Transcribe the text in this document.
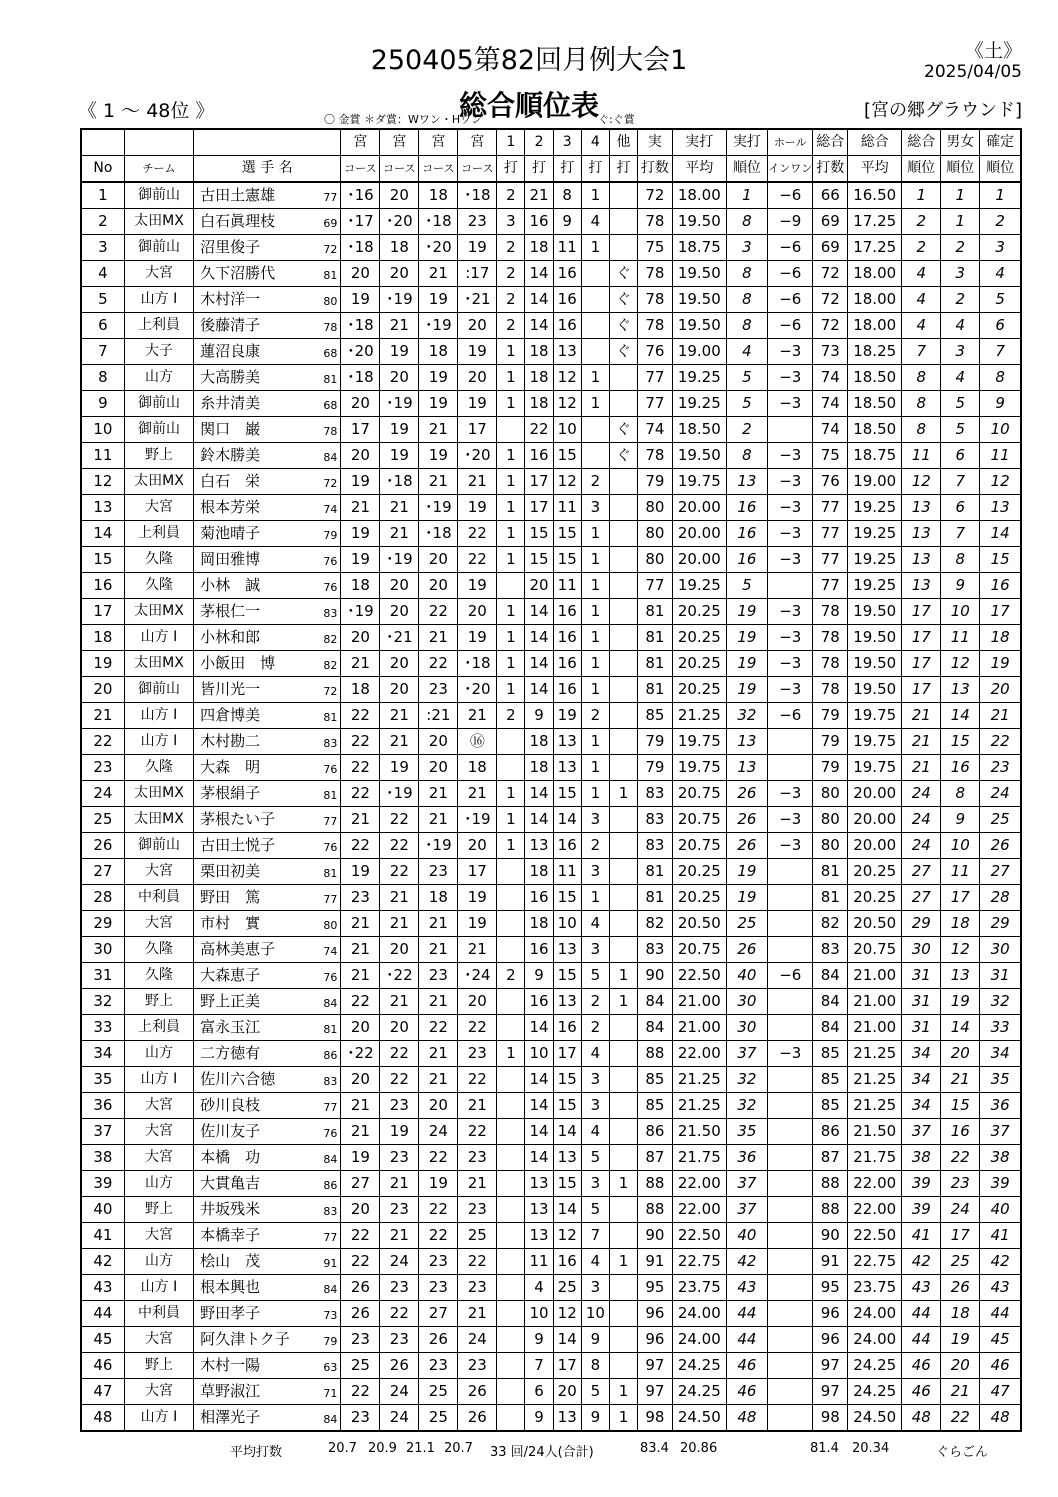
250405第82回月例大会1	《土》
2025/04/05
《 1 ～ 48位 》	総合順位表	[宮の郷グラウンド]
〇 金賞 ＊ダ賞：Wワン・Hワン	ぐ:ぐ賞
			宮	宮	宮	宮	1	2	3	4	他	実	実打	実打	ホール	総合	総合	総合	男女	確定
No	チーム	選 手 名	コース	コース	コース	コース	打	打	打	打	打	打数	平均	順位	インワン	打数	平均	順位	順位	順位
1	御前山	古田土憲雄 77	･16	20	18	･18	2	21	8	1		72	18.00	1	−6	66	16.50	1	1	1
2	太田MX	白石眞理枝 69	･17	･20	･18	23	3	16	9	4		78	19.50	8	−9	69	17.25	2	1	2
3	御前山	沼里俊子 72	･18	18	･20	19	2	18	11	1		75	18.75	3	−6	69	17.25	2	2	3
4	大宮	久下沼勝代 81	20	20	21	:17	2	14	16		ぐ	78	19.50	8	−6	72	18.00	4	3	4
5	山方 I	木村洋一 80	19	･19	19	･21	2	14	16		ぐ	78	19.50	8	−6	72	18.00	4	2	5
6	上利員	後藤清子 78	･18	21	･19	20	2	14	16		ぐ	78	19.50	8	−6	72	18.00	4	4	6
7	大子	蓮沼良康 68	･20	19	18	19	1	18	13		ぐ	76	19.00	4	−3	73	18.25	7	3	7
8	山方	大高勝美 81	･18	20	19	20	1	18	12	1		77	19.25	5	−3	74	18.50	8	4	8
9	御前山	糸井清美 68	20	･19	19	19	1	18	12	1		77	19.25	5	−3	74	18.50	8	5	9
10	御前山	関口　巌 78	17	19	21	17		22	10		ぐ	74	18.50	2		74	18.50	8	5	10
11	野上	鈴木勝美 84	20	19	19	･20	1	16	15		ぐ	78	19.50	8	−3	75	18.75	11	6	11
12	太田MX	白石　栄 72	19	･18	21	21	1	17	12	2		79	19.75	13	−3	76	19.00	12	7	12
13	大宮	根本芳栄 74	21	21	･19	19	1	17	11	3		80	20.00	16	−3	77	19.25	13	6	13
14	上利員	菊池晴子 79	19	21	･18	22	1	15	15	1		80	20.00	16	−3	77	19.25	13	7	14
15	久隆	岡田雅博 76	19	･19	20	22	1	15	15	1		80	20.00	16	−3	77	19.25	13	8	15
16	久隆	小林　誠 76	18	20	20	19		20	11	1		77	19.25	5		77	19.25	13	9	16
17	太田MX	茅根仁一 83	･19	20	22	20	1	14	16	1		81	20.25	19	−3	78	19.50	17	10	17
18	山方 I	小林和郎 82	20	･21	21	19	1	14	16	1		81	20.25	19	−3	78	19.50	17	11	18
19	太田MX	小飯田　博 82	21	20	22	･18	1	14	16	1		81	20.25	19	−3	78	19.50	17	12	19
20	御前山	皆川光一 72	18	20	23	･20	1	14	16	1		81	20.25	19	−3	78	19.50	17	13	20
21	山方 I	四倉博美 81	22	21	:21	21	2	9	19	2		85	21.25	32	−6	79	19.75	21	14	21
22	山方 I	木村勘二 83	22	21	20	⑯		18	13	1		79	19.75	13		79	19.75	21	15	22
23	久隆	大森　明 76	22	19	20	18		18	13	1		79	19.75	13		79	19.75	21	16	23
24	太田MX	茅根絹子 81	22	･19	21	21	1	14	15	1	1	83	20.75	26	−3	80	20.00	24	8	24
25	太田MX	茅根たい子 77	21	22	21	･19	1	14	14	3		83	20.75	26	−3	80	20.00	24	9	25
26	御前山	古田土悦子 76	22	22	･19	20	1	13	16	2		83	20.75	26	−3	80	20.00	24	10	26
27	大宮	栗田初美 81	19	22	23	17		18	11	3		81	20.25	19		81	20.25	27	11	27
28	中利員	野田　篤 77	23	21	18	19		16	15	1		81	20.25	19		81	20.25	27	17	28
29	大宮	市村　實 80	21	21	21	19		18	10	4		82	20.50	25		82	20.50	29	18	29
30	久隆	高林美恵子 74	21	20	21	21		16	13	3		83	20.75	26		83	20.75	30	12	30
31	久隆	大森恵子 76	21	･22	23	･24	2	9	15	5	1	90	22.50	40	−6	84	21.00	31	13	31
32	野上	野上正美 84	22	21	21	20		16	13	2	1	84	21.00	30		84	21.00	31	19	32
33	上利員	富永玉江 81	20	20	22	22		14	16	2		84	21.00	30		84	21.00	31	14	33
34	山方	二方徳有 86	･22	22	21	23	1	10	17	4		88	22.00	37	−3	85	21.25	34	20	34
35	山方 I	佐川六合徳 83	20	22	21	22		14	15	3		85	21.25	32		85	21.25	34	21	35
36	大宮	砂川良枝 77	21	23	20	21		14	15	3		85	21.25	32		85	21.25	34	15	36
37	大宮	佐川友子 76	21	19	24	22		14	14	4		86	21.50	35		86	21.50	37	16	37
38	大宮	本橋　功 84	19	23	22	23		14	13	5		87	21.75	36		87	21.75	38	22	38
39	山方	大貫亀吉 86	27	21	19	21		13	15	3	1	88	22.00	37		88	22.00	39	23	39
40	野上	井坂残米 83	20	23	22	23		13	14	5		88	22.00	37		88	22.00	39	24	40
41	大宮	本橋幸子 77	22	21	22	25		13	12	7		90	22.50	40		90	22.50	41	17	41
42	山方	桧山　茂 91	22	24	23	22		11	16	4	1	91	22.75	42		91	22.75	42	25	42
43	山方 I	根本興也 84	26	23	23	23		4	25	3		95	23.75	43		95	23.75	43	26	43
44	中利員	野田孝子 73	26	22	27	21		10	12	10		96	24.00	44		96	24.00	44	18	44
45	大宮	阿久津トク子 79	23	23	26	24		9	14	9		96	24.00	44		96	24.00	44	19	45
46	野上	木村一陽 63	25	26	23	23		7	17	8		97	24.25	46		97	24.25	46	20	46
47	大宮	草野淑江 71	22	24	25	26		6	20	5	1	97	24.25	46		97	24.25	46	21	47
48	山方 I	相澤光子 84	23	24	25	26		9	13	9	1	98	24.50	48		98	24.50	48	22	48
平均打数	20.7 20.9 21.1 20.7 33 回/24人(合計)	83.4 20.86	81.4 20.34	ぐらごん
